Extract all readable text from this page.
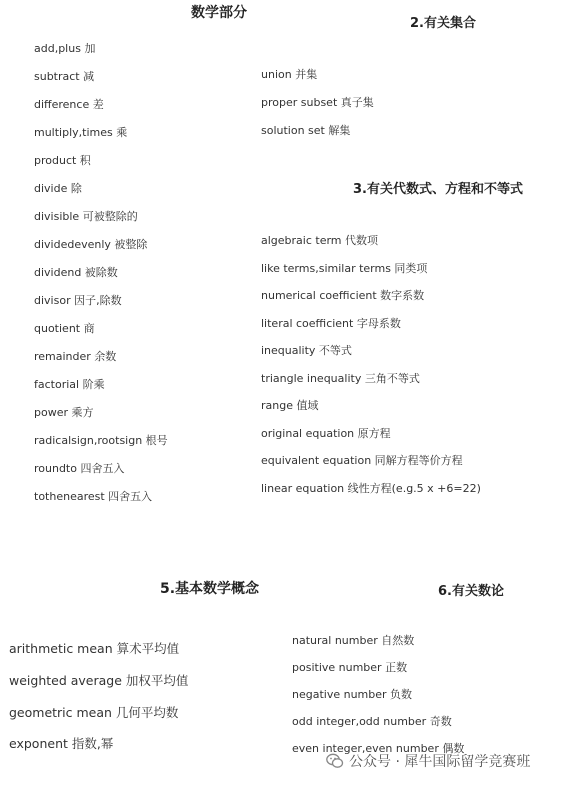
数学部分
2.有关集合
3.有关代数式、方程和不等式
5.基本数学概念	6.有关数论
add,plus 加
subtract 减
difference 差
multiply,times 乘
product 积
divide 除
divisible 可被整除的
dividedevenly 被整除
dividend 被除数
divisor 因子,除数
quotient 商
remainder 余数
factorial 阶乘
power 乘方
radicalsign,rootsign 根号
roundto 四舍五入
tothenearest 四舍五入
union 并集
proper subset 真子集
solution set 解集
algebraic term 代数项
like terms,similar terms 同类项
numerical coefficient 数字系数
literal coefficient 字母系数
inequality 不等式
triangle inequality 三角不等式
range 值域
original equation 原方程
equivalent equation 同解方程等价方程
linear equation 线性方程(e.g.5 x +6=22)
arithmetic mean 算术平均值
weighted average 加权平均值
geometric mean 几何平均数
exponent 指数,幂
natural number 自然数
positive number 正数
negative number 负数
odd integer,odd number 奇数
even integer,even number 偶数
公众号 · 犀牛国际留学竞赛班
